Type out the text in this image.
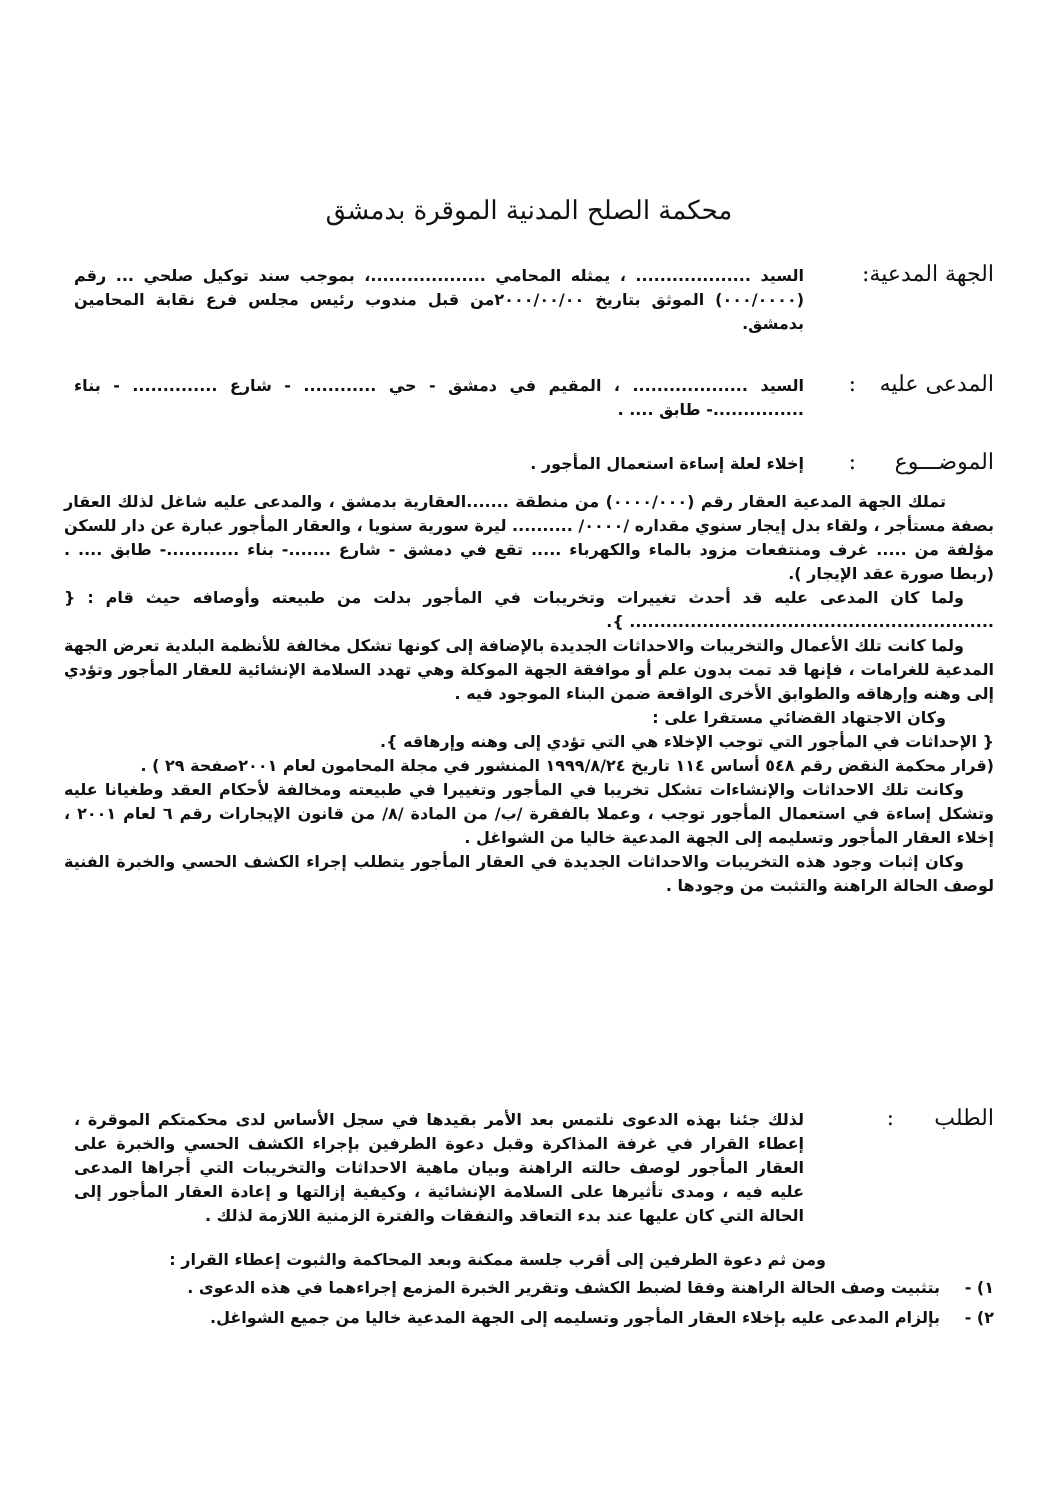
محكمة الصلح المدنية الموقرة بدمشق
الجهة المدعية:
السيد ................... ، يمثله المحامي ...................، بموجب سند توكيل صلحي ... رقم (٠٠٠/٠٠٠٠) الموثق بتاريخ ٢٠٠٠/٠٠/٠٠من قبل مندوب رئيس مجلس فرع نقابة المحامين بدمشق.
المدعى عليه
:
السيد ................... ، المقيم في دمشق - حي ............ - شارع .............. - بناء ...............- طابق .... .
الموضـــوع
:
إخلاء لعلة إساءة استعمال المأجور .

تملك الجهة المدعية العقار رقم (٠٠٠٠/٠٠٠) من منطقة .......العقارية بدمشق ، والمدعى عليه شاغل لذلك العقار بصفة مستأجر ، ولقاء بدل إيجار سنوي مقداره /٠٠٠٠/ .......... ليرة سورية سنويا ، والعقار المأجور عبارة عن دار للسكن مؤلفة من ..... غرف ومنتفعات مزود بالماء والكهرباء ..... تقع في دمشق - شارع .......- بناء ............- طابق .... . (ربطا صورة عقد الإيجار ).

ولما كان المدعى عليه قد أحدث تغييرات وتخريبات في المأجور بدلت من طبيعته وأوصافه حيث قام : { ............................................................ }.

ولما كانت تلك الأعمال والتخريبات والاحداثات الجديدة بالإضافة إلى كونها تشكل مخالفة للأنظمة البلدية تعرض الجهة المدعية للغرامات ، فإنها قد تمت بدون علم أو موافقة الجهة الموكلة وهي تهدد السلامة الإنشائية للعقار المأجور وتؤدي إلى وهنه وإرهاقه والطوابق الأخرى الواقعة ضمن البناء الموجود فيه .

وكان الاجتهاد القضائي مستقرا على :

{ الإحداثات في المأجور التي توجب الإخلاء هي التي تؤدي إلى وهنه وإرهاقه }.

(قرار محكمة النقض رقم ٥٤٨ أساس ١١٤ تاريخ ١٩٩٩/٨/٢٤ المنشور في مجلة المحامون لعام ٢٠٠١صفحة ٢٩ ) .

وكانت تلك الاحداثات والإنشاءات تشكل تخريبا في المأجور وتغييرا في طبيعته ومخالفة لأحكام العقد وطغيانا عليه وتشكل إساءة في استعمال المأجور توجب ، وعملا بالفقرة /ب/ من المادة /٨/ من قانون الإيجارات رقم ٦ لعام ٢٠٠١ ، إخلاء العقار المأجور وتسليمه إلى الجهة المدعية خاليا من الشواغل .

وكان إثبات وجود هذه التخريبات والاحداثات الجديدة في العقار المأجور يتطلب إجراء الكشف الحسي والخبرة الفنية لوصف الحالة الراهنة والتثبت من وجودها .

الطلب
:
لذلك جئنا بهذه الدعوى نلتمس بعد الأمر بقيدها في سجل الأساس لدى محكمتكم الموقرة ، إعطاء القرار في غرفة المذاكرة وقبل دعوة الطرفين بإجراء الكشف الحسي والخبرة على العقار المأجور لوصف حالته الراهنة وبيان ماهية الاحداثات والتخريبات التي أجراها المدعى عليه فيه ، ومدى تأثيرها على السلامة الإنشائية ، وكيفية إزالتها و إعادة العقار المأجور إلى الحالة التي كان عليها عند بدء التعاقد والنفقات والفترة الزمنية اللازمة لذلك .

ومن ثم دعوة الطرفين إلى أقرب جلسة ممكنة وبعد المحاكمة والثبوت إعطاء القرار :

١) -
بتثبيت وصف الحالة الراهنة وفقا لضبط الكشف وتقرير الخبرة المزمع إجراءهما في هذه الدعوى .

٢) -
بإلزام المدعى عليه بإخلاء العقار المأجور وتسليمه إلى الجهة المدعية خاليا من جميع الشواغل.
